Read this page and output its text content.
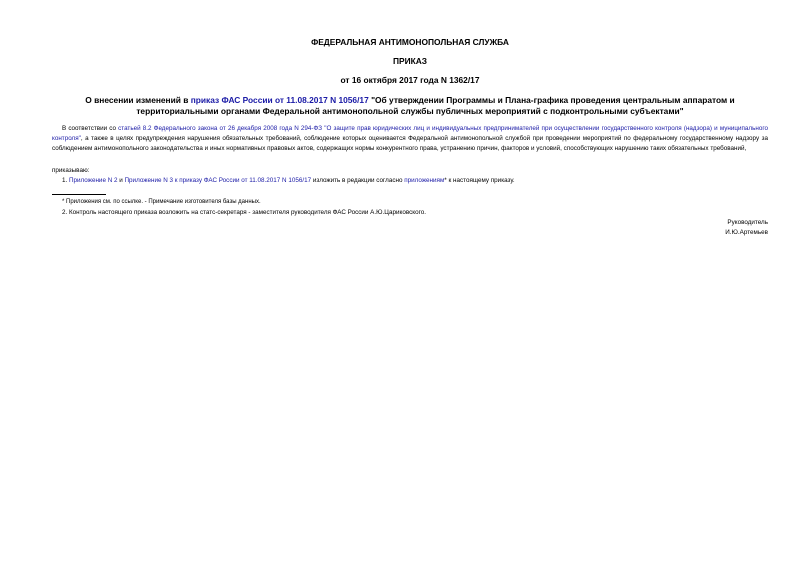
ФЕДЕРАЛЬНАЯ АНТИМОНОПОЛЬНАЯ СЛУЖБА
ПРИКАЗ
от 16 октября 2017 года N 1362/17
О внесении изменений в приказ ФАС России от 11.08.2017 N 1056/17 "Об утверждении Программы и Плана-графика проведения центральным аппаратом и территориальными органами Федеральной антимонопольной службы публичных мероприятий с подконтрольными субъектами"
В соответствии со статьей 8.2 Федерального закона от 26 декабря 2008 года N 294-ФЗ "О защите прав юридических лиц и индивидуальных предпринимателей при осуществлении государственного контроля (надзора) и муниципального контроля", а также в целях предупреждения нарушения обязательных требований, соблюдение которых оценивается Федеральной антимонопольной службой при проведении мероприятий по федеральному государственному надзору за соблюдением антимонопольного законодательства и иных нормативных правовых актов, содержащих нормы конкурентного права, устранению причин, факторов и условий, способствующих нарушению таких обязательных требований,
приказываю:
1. Приложение N 2 и Приложение N 3 к приказу ФАС России от 11.08.2017 N 1056/17 изложить в редакции согласно приложениям* к настоящему приказу.
* Приложения см. по ссылке. - Примечание изготовителя базы данных.
2. Контроль настоящего приказа возложить на статс-секретаря - заместителя руководителя ФАС России А.Ю.Цариковского.
Руководитель
И.Ю.Артемьев
